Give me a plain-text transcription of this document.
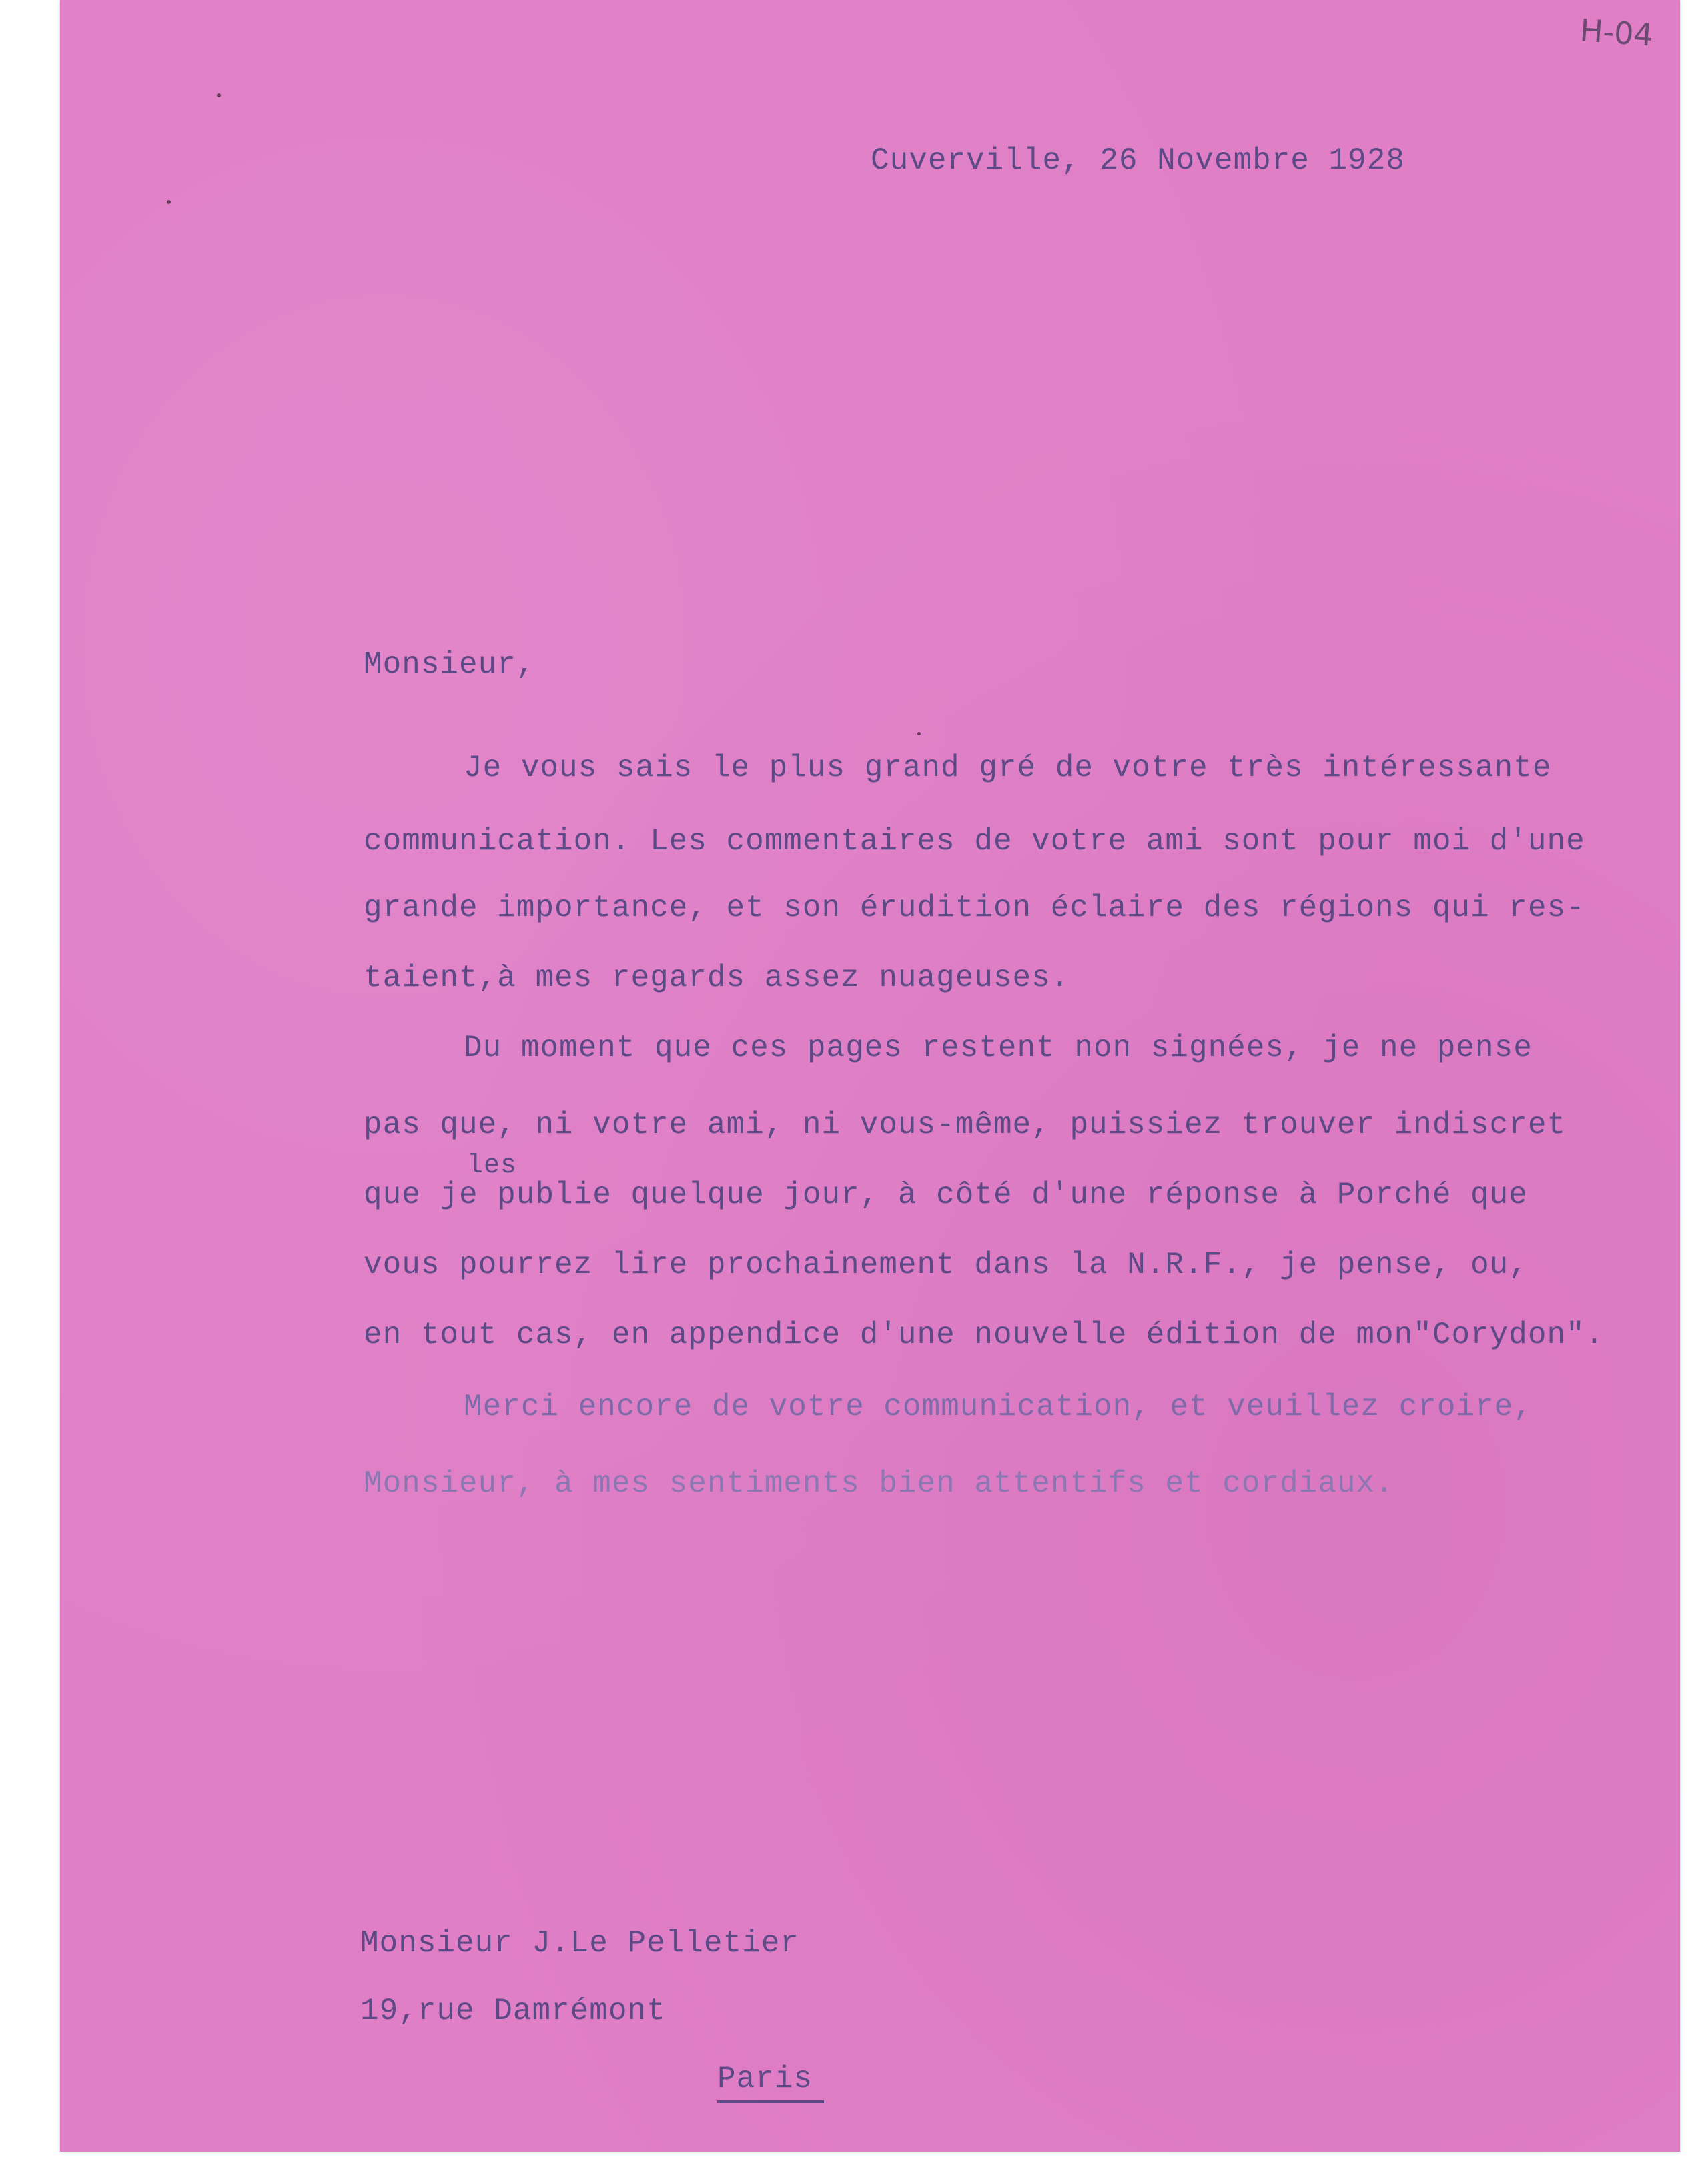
H-04
Cuverville, 26 Novembre 1928
Monsieur,
Je vous sais le plus grand gré de votre très intéressante
communication. Les commentaires de votre ami sont pour moi d'une
grande importance, et son érudition éclaire des régions qui res-
taient,à mes regards assez nuageuses.
Du moment que ces pages restent non signées, je ne pense
pas que, ni votre ami, ni vous-même, puissiez trouver indiscret
les
que je publie quelque jour, à côté d'une réponse à Porché que
vous pourrez lire prochainement dans la N.R.F., je pense, ou,
en tout cas, en appendice d'une nouvelle édition de mon"Corydon".
Merci encore de votre communication, et veuillez croire,
Monsieur, à mes sentiments bien attentifs et cordiaux.
Monsieur J.Le Pelletier
19,rue Damrémont
Paris
